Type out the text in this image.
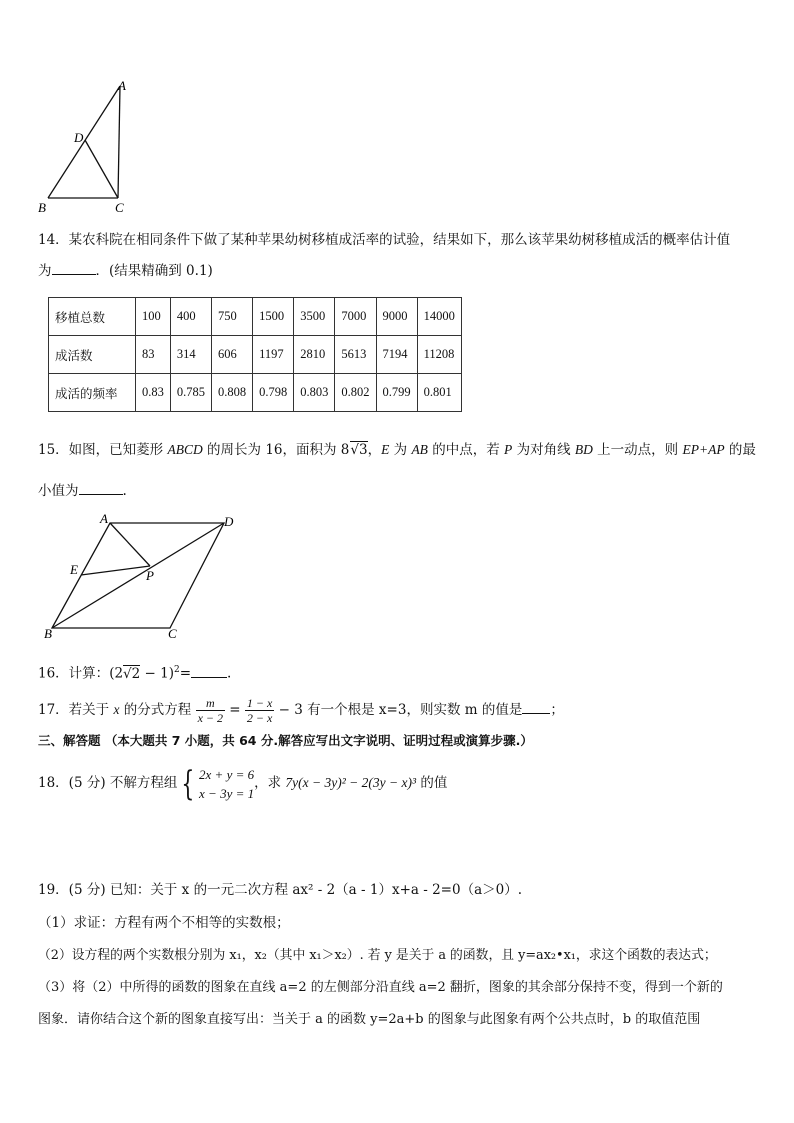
A
D
B	C
14．某农科院在相同条件下做了某种苹果幼树移植成活率的试验，结果如下，那么该苹果幼树移植成活的概率估计值
为	．(结果精确到 0.1)
移植总数	100	400	750	1500	3500	7000	9000	14000
成活数	83	314	606	1197	2810	5613	7194	11208
成活的频率	0.83	0.785	0.808	0.798	0.803	0.802	0.799	0.801
15．如图，已知菱形 ABCD 的周长为 16，面积为 8√3，E 为 AB 的中点，若 P 为对角线 BD 上一动点，则 EP+AP 的最
小值为	.
A	D
E	P
B	C
16．计算：$(2√2 - 1)^2=$	.
17．若关于 x 的分式方程 $\frac{m}{x - 2} = \frac{1 - x}{2 - x} - 3$ 有一个根是 x=3，则实数 m 的值是 ；
三、解答题 （本大题共 7 小题，共 64 分.解答应写出文字说明、证明过程或演算步骤.）
18．(5 分) 不解方程组 { 2x + y = 6
x − 3y = 1
，求 7y(x − 3y)² − 2(3y − x)³ 的值
19．(5 分) 已知：关于 x 的一元二次方程 ax² - 2（a - 1）x+a - 2=0（a＞0）.
（1）求证：方程有两个不相等的实数根；
（2）设方程的两个实数根分别为 x₁，x₂（其中 x₁＞x₂）. 若 y 是关于 a 的函数，且 y=ax₂•x₁，求这个函数的表达式；
（3）将（2）中所得的函数的图象在直线 a=2 的左侧部分沿直线 a=2 翻折，图象的其余部分保持不变，得到一个新的
图象．请你结合这个新的图象直接写出：当关于 a 的函数 y=2a+b 的图象与此图象有两个公共点时，b 的取值范围
